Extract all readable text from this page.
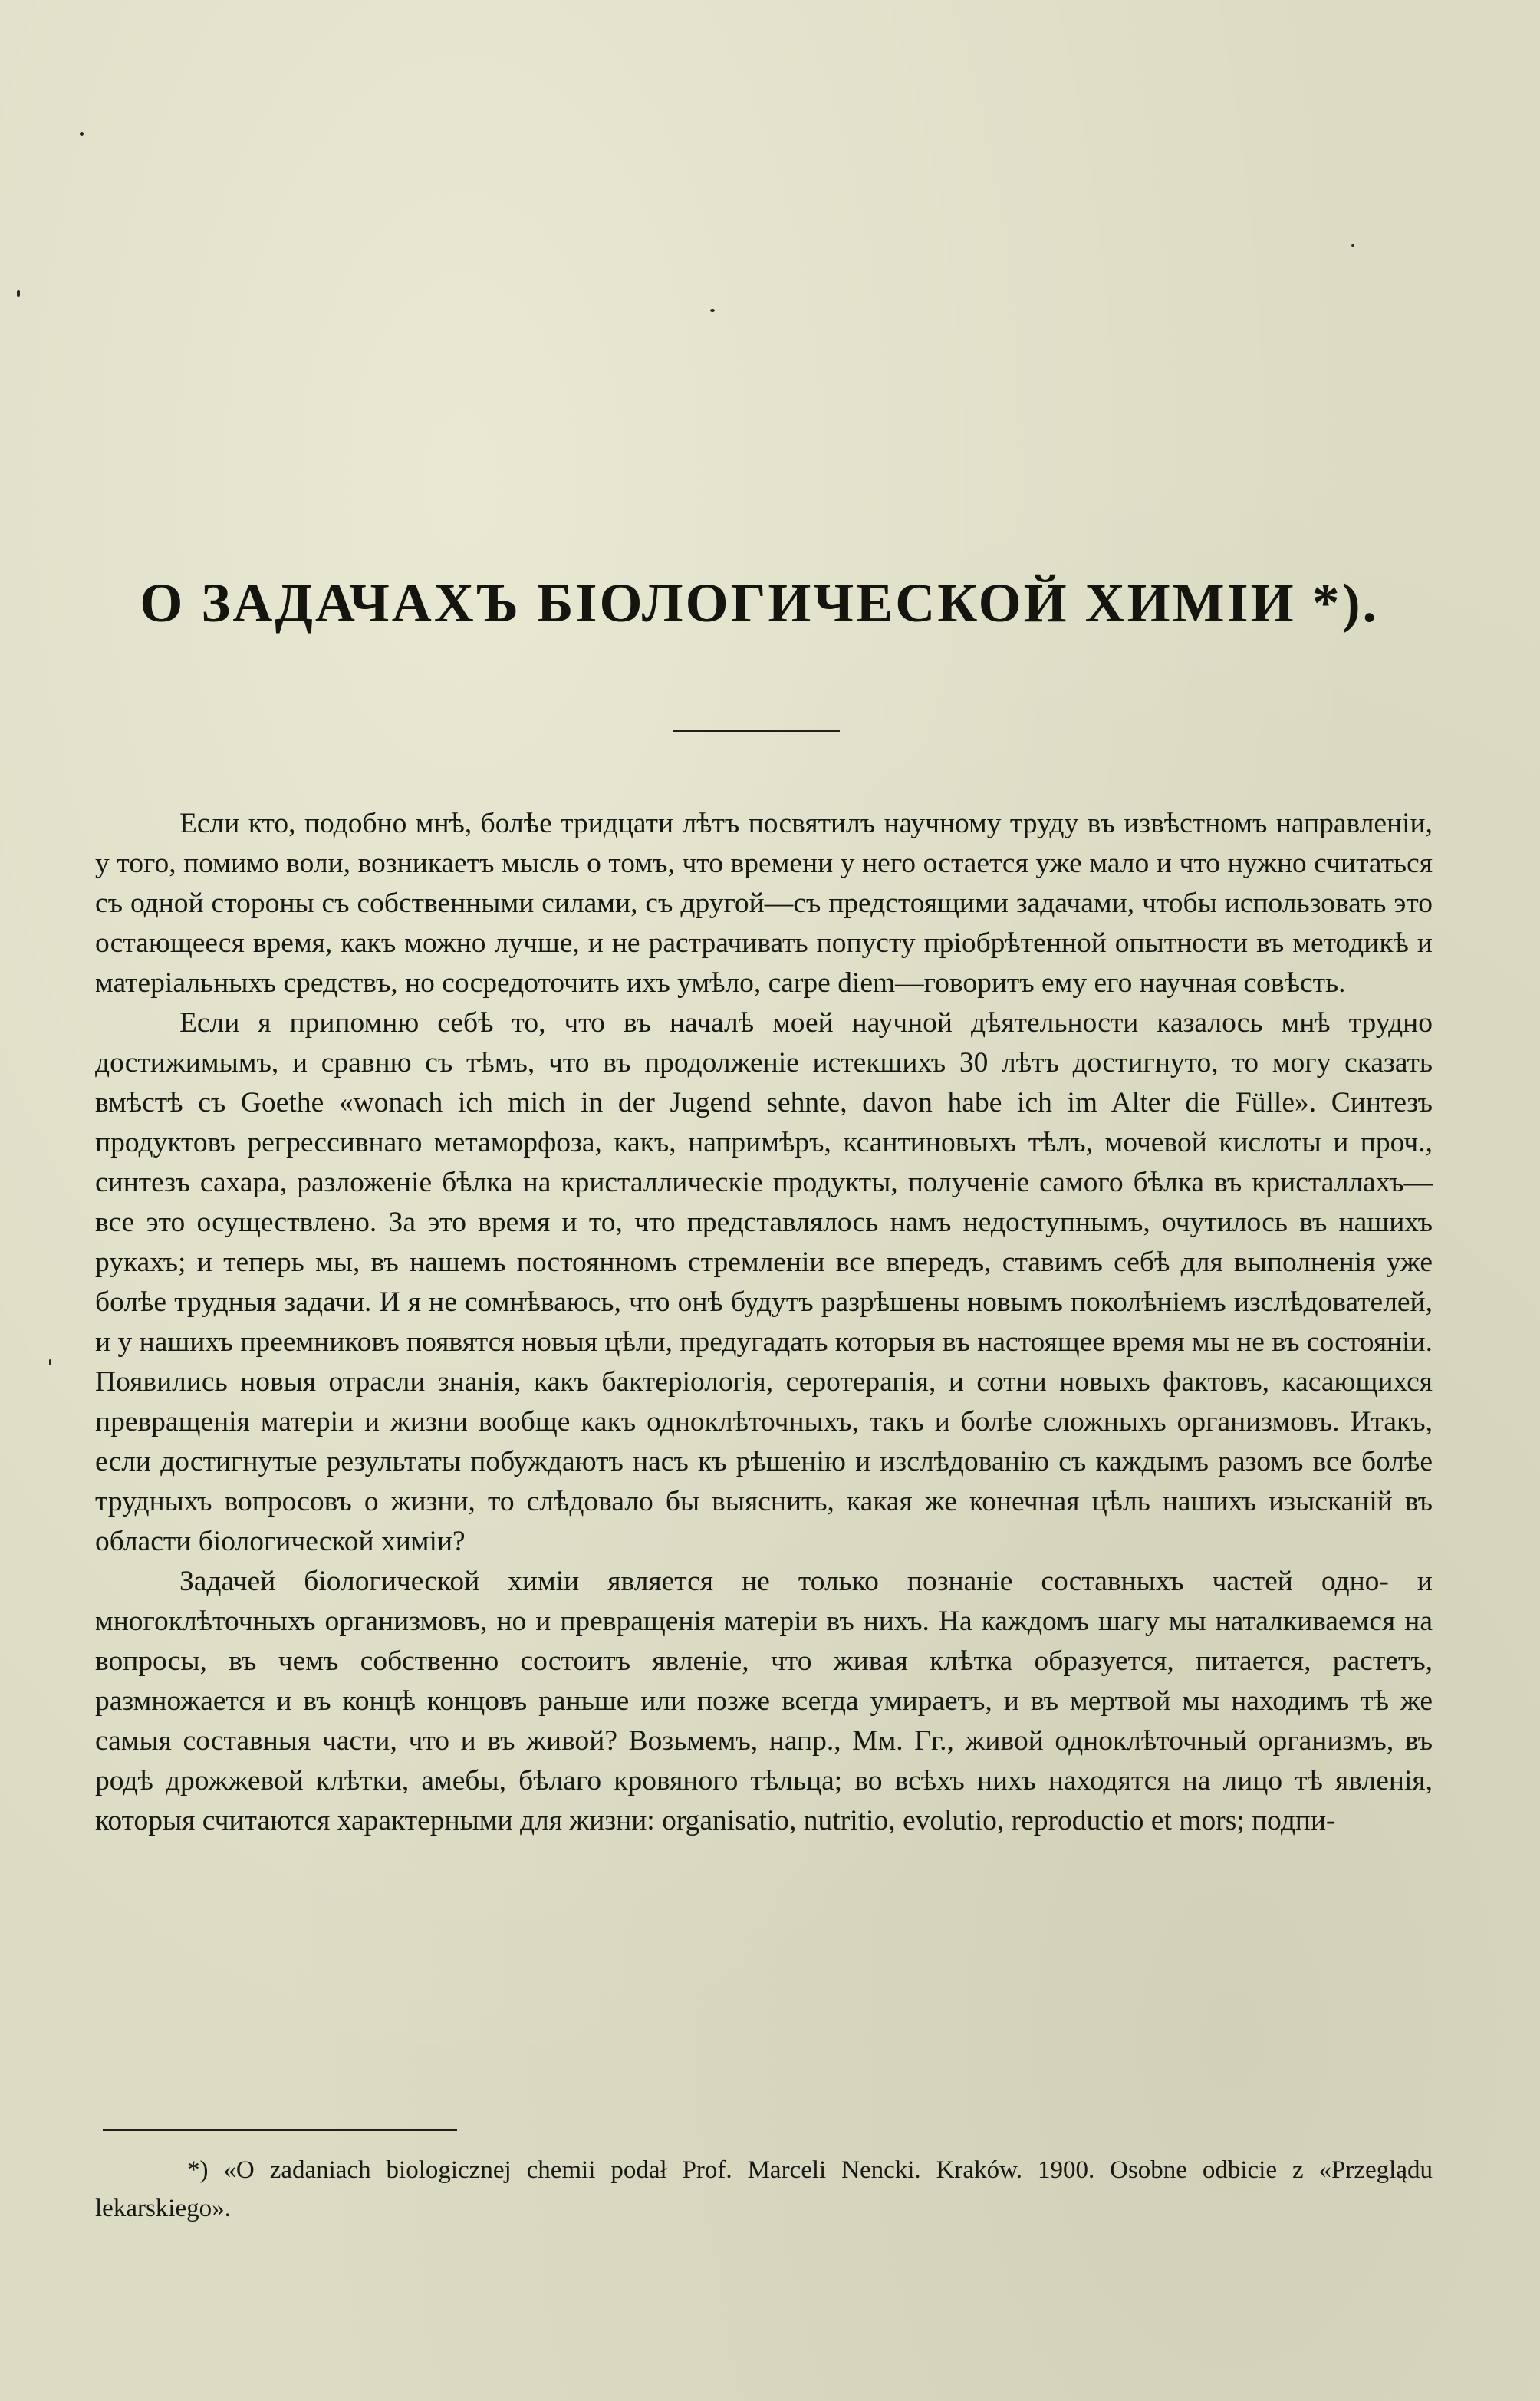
О ЗАДАЧАХЪ БІОЛОГИЧЕСКОЙ ХИМІИ *).

Если кто, подобно мнѣ, болѣе тридцати лѣтъ посвятилъ научному труду въ извѣстномъ направленіи, у того, помимо воли, возникаетъ мысль о томъ, что времени у него остается уже мало и что нужно считаться съ одной стороны съ собственными силами, съ другой—съ предстоящими задачами, чтобы использовать это остающееся время, какъ можно лучше, и не растрачивать попусту пріобрѣтенной опытности въ методикѣ и матеріальныхъ средствъ, но сосредоточить ихъ умѣло, carpe diem—говоритъ ему его научная совѣсть.

Если я припомню себѣ то, что въ началѣ моей научной дѣятельности казалось мнѣ трудно достижимымъ, и сравню съ тѣмъ, что въ продолженіе истекшихъ 30 лѣтъ достигнуто, то могу сказать вмѣстѣ съ Goethe «wonach ich mich in der Jugend sehnte, davon habe ich im Alter die Fülle». Синтезъ продуктовъ регрессивнаго метаморфоза, какъ, напримѣръ, ксантиновыхъ тѣлъ, мочевой кислоты и проч., синтезъ сахара, разложеніе бѣлка на кристаллическіе продукты, полученіе самого бѣлка въ кристаллахъ—все это осуществлено. За это время и то, что представлялось намъ недоступнымъ, очутилось въ нашихъ рукахъ; и теперь мы, въ нашемъ постоянномъ стремленіи все впередъ, ставимъ себѣ для выполненія уже болѣе трудныя задачи. И я не сомнѣваюсь, что онѣ будутъ разрѣшены новымъ поколѣніемъ изслѣдователей, и у нашихъ преемниковъ появятся новыя цѣли, предугадать которыя въ настоящее время мы не въ состояніи. Появились новыя отрасли знанія, какъ бактеріологія, серотерапія, и сотни новыхъ фактовъ, касающихся превращенія матеріи и жизни вообще какъ одноклѣточныхъ, такъ и болѣе сложныхъ организмовъ. Итакъ, если достигнутые результаты побуждаютъ насъ къ рѣшенію и изслѣдованію съ каждымъ разомъ все болѣе трудныхъ вопросовъ о жизни, то слѣдовало бы выяснить, какая же конечная цѣль нашихъ изысканій въ области біологической химіи?

Задачей біологической химіи является не только познаніе составныхъ частей одно- и многоклѣточныхъ организмовъ, но и превращенія матеріи въ нихъ. На каждомъ шагу мы наталкиваемся на вопросы, въ чемъ собственно состоитъ явленіе, что живая клѣтка образуется, питается, растетъ, размножается и въ концѣ концовъ раньше или позже всегда умираетъ, и въ мертвой мы находимъ тѣ же самыя составныя части, что и въ живой? Возьмемъ, напр., Мм. Гг., живой одноклѣточный организмъ, въ родѣ дрожжевой клѣтки, амебы, бѣлаго кровяного тѣльца; во всѣхъ нихъ находятся на лицо тѣ явленія, которыя считаются характерными для жизни: organisatio, nutritio, evolutio, reproductio et mors; подпи-

*) «O zadaniach biologicznej chemii podał Prof. Marceli Nencki. Kraków. 1900. Osobne odbicie z «Przeglądu lekarskiego».
